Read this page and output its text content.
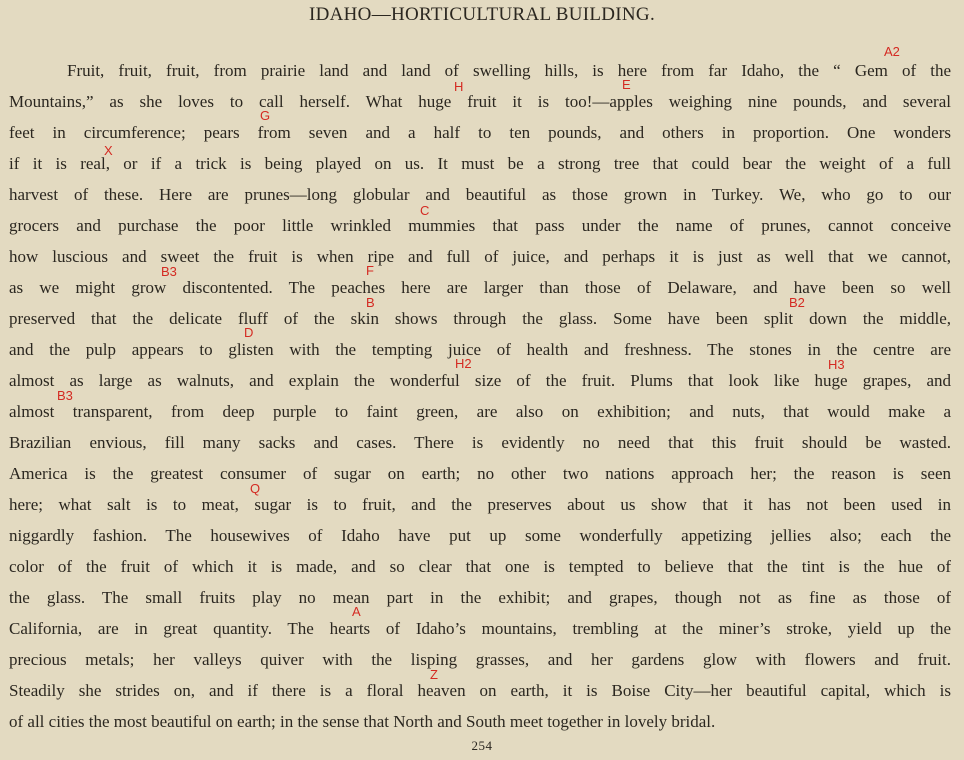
IDAHO—HORTICULTURAL BUILDING.
Fruit, fruit, fruit, from prairie land and land of swelling hills, is here from far Idaho, the “ Gem of the
Mountains,” as she loves to call herself. What huge fruit it is too!—apples weighing nine pounds, and several
feet in circumference; pears from seven and a half to ten pounds, and others in proportion. One wonders
if it is real, or if a trick is being played on us. It must be a strong tree that could bear the weight of a full
harvest of these. Here are prunes—long globular and beautiful as those grown in Turkey. We, who go to our
grocers and purchase the poor little wrinkled mummies that pass under the name of prunes, cannot conceive
how luscious and sweet the fruit is when ripe and full of juice, and perhaps it is just as well that we cannot,
as we might grow discontented. The peaches here are larger than those of Delaware, and have been so well
preserved that the delicate fluff of the skin shows through the glass. Some have been split down the middle,
and the pulp appears to glisten with the tempting juice of health and freshness. The stones in the centre are
almost as large as walnuts, and explain the wonderful size of the fruit. Plums that look like huge grapes, and
almost transparent, from deep purple to faint green, are also on exhibition; and nuts, that would make a
Brazilian envious, fill many sacks and cases. There is evidently no need that this fruit should be wasted.
America is the greatest consumer of sugar on earth; no other two nations approach her; the reason is seen
here; what salt is to meat, sugar is to fruit, and the preserves about us show that it has not been used in
niggardly fashion. The housewives of Idaho have put up some wonderfully appetizing jellies also; each the
color of the fruit of which it is made, and so clear that one is tempted to believe that the tint is the hue of
the glass. The small fruits play no mean part in the exhibit; and grapes, though not as fine as those of
California, are in great quantity. The hearts of Idaho’s mountains, trembling at the miner’s stroke, yield up the
precious metals; her valleys quiver with the lisping grasses, and her gardens glow with flowers and fruit.
Steadily she strides on, and if there is a floral heaven on earth, it is Boise City—her beautiful capital, which is
of all cities the most beautiful on earth; in the sense that North and South meet together in lovely bridal.
A2
H	E
G
X
C
B3	F
B	B2
D
H2	H3
B3
Q
A
Z
254
